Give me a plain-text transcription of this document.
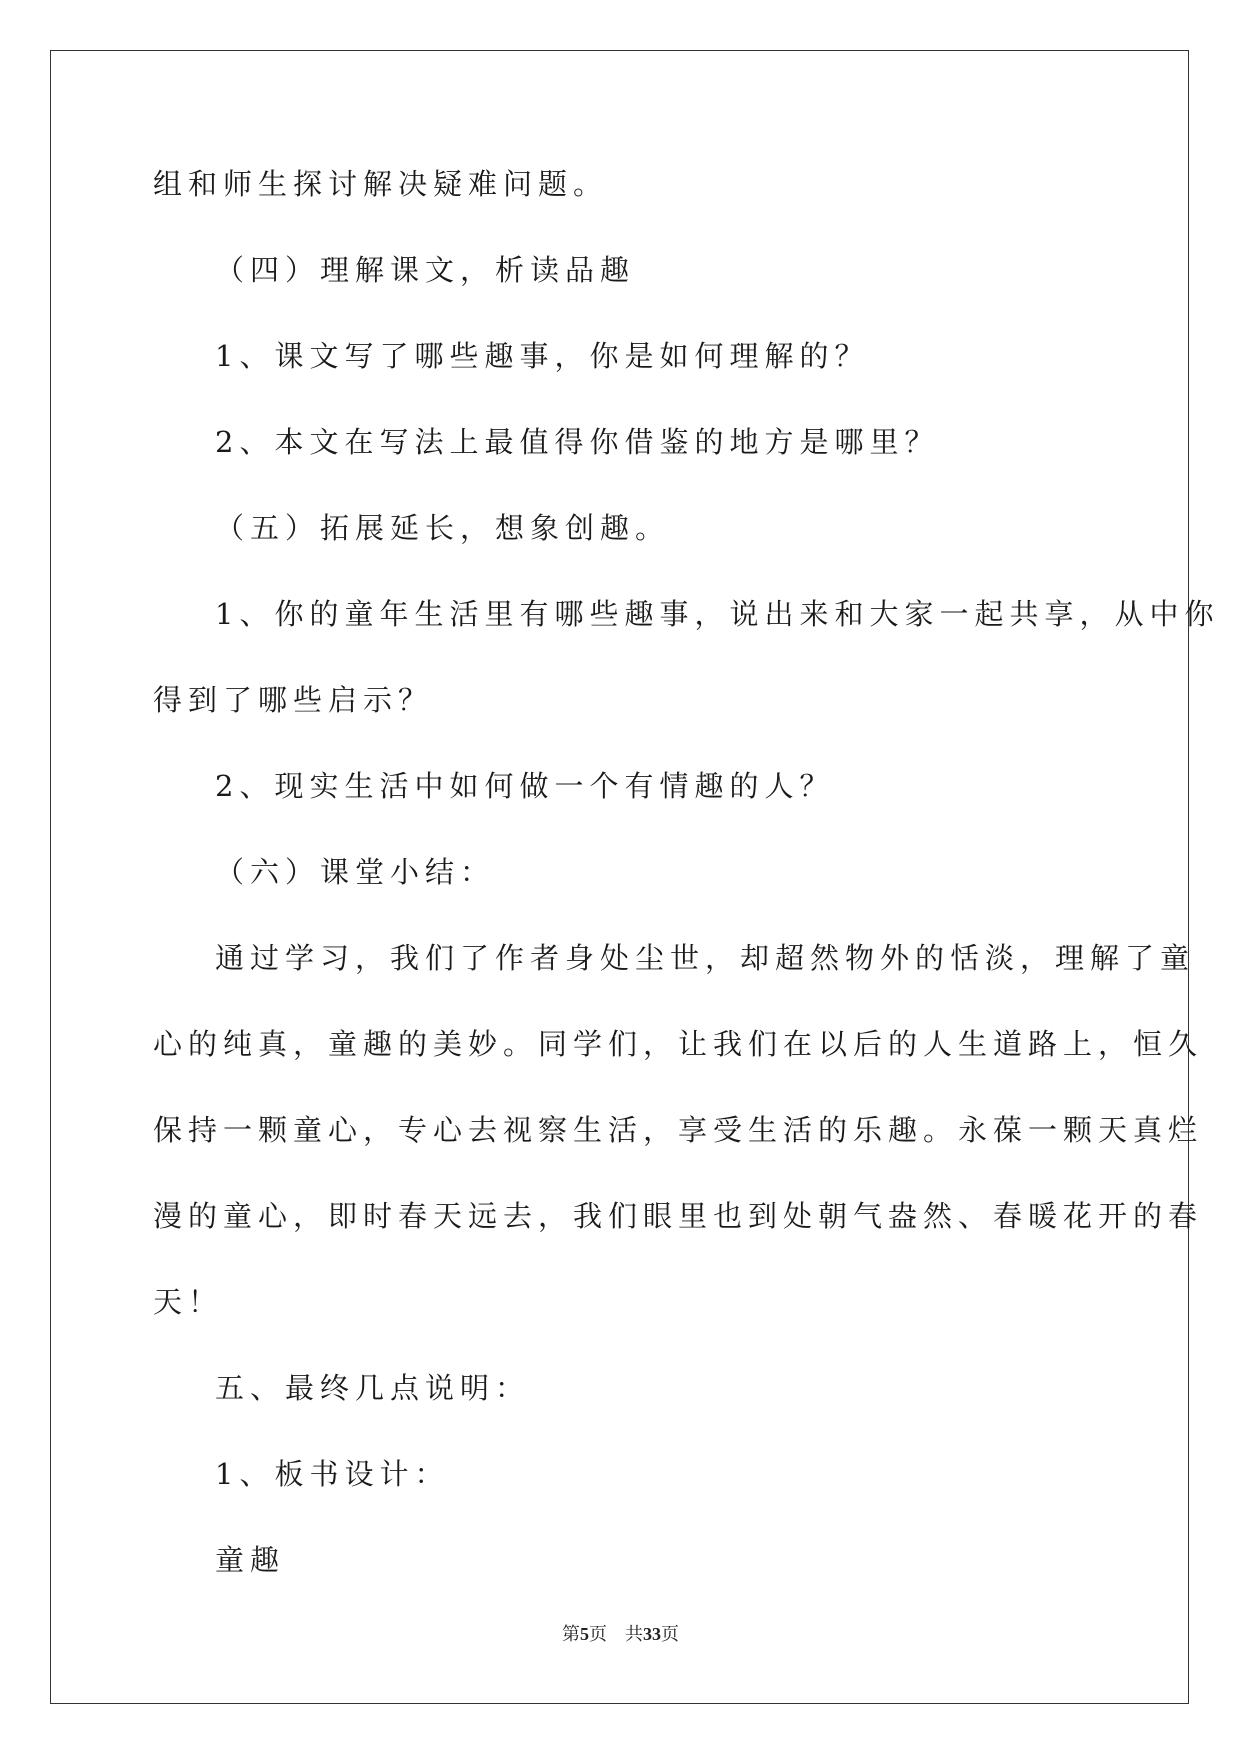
组和师生探讨解决疑难问题。
（四）理解课文，析读品趣
1、课文写了哪些趣事，你是如何理解的？
2、本文在写法上最值得你借鉴的地方是哪里？
（五）拓展延长，想象创趣。
1、你的童年生活里有哪些趣事，说出来和大家一起共享，从中你
得到了哪些启示？
2、现实生活中如何做一个有情趣的人？
（六）课堂小结：
通过学习，我们了作者身处尘世，却超然物外的恬淡，理解了童
心的纯真，童趣的美妙。同学们，让我们在以后的人生道路上，恒久
保持一颗童心，专心去视察生活，享受生活的乐趣。永葆一颗天真烂
漫的童心，即时春天远去，我们眼里也到处朝气盎然、春暖花开的春
天！
五、最终几点说明：
1、板书设计：
童趣
第5页 共33页
